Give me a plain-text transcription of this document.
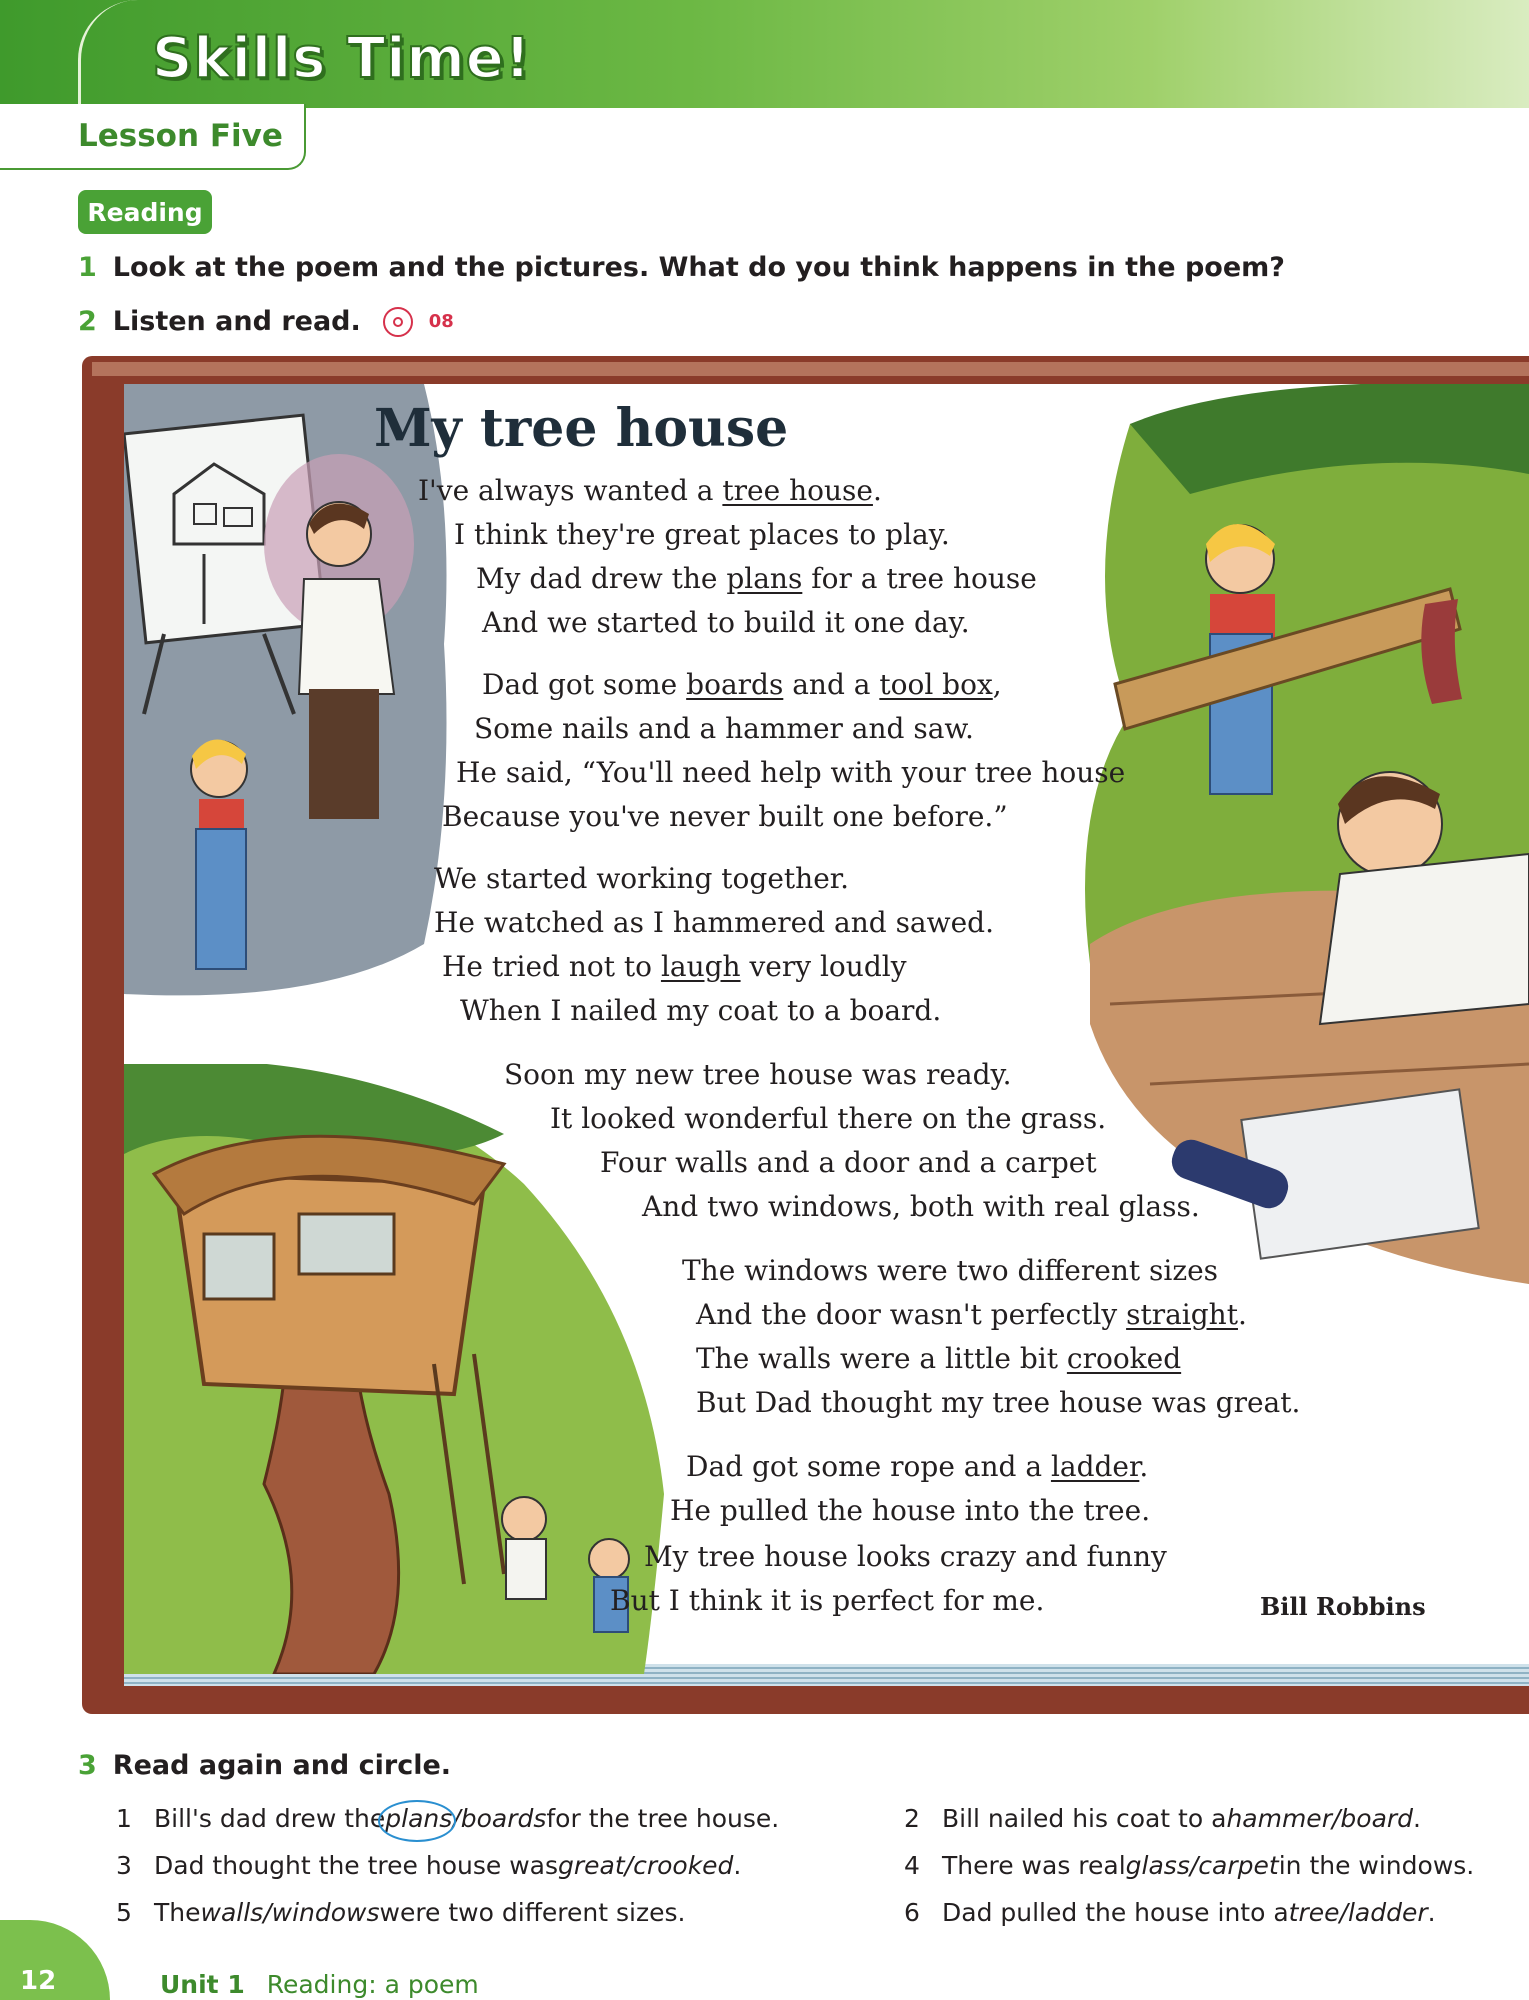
Skills Time!
Lesson Five
Reading
1 Look at the poem and the pictures. What do you think happens in the poem?
2 Listen and read.	08
My tree house
I've always wanted a tree house.
I think they're great places to play.
My dad drew the plans for a tree house
And we started to build it one day.
Dad got some boards and a tool box,
Some nails and a hammer and saw.
He said, “You'll need help with your tree house
Because you've never built one before.”
We started working together.
He watched as I hammered and sawed.
He tried not to laugh very loudly
When I nailed my coat to a board.
Soon my new tree house was ready.
It looked wonderful there on the grass.
Four walls and a door and a carpet
And two windows, both with real glass.
The windows were two different sizes
And the door wasn't perfectly straight.
The walls were a little bit crooked
But Dad thought my tree house was great.
Dad got some rope and a ladder.
He pulled the house into the tree.
My tree house looks crazy and funny
But I think it is perfect for me.	Bill Robbins
3 Read again and circle.
1 Bill's dad drew the plans / boards for the tree house.	2 Bill nailed his coat to a hammer / board .
3 Dad thought the tree house was great / crooked .	4 There was real glass / carpet in the windows.
5 The walls / windows were two different sizes.	6 Dad pulled the house into a tree / ladder .
12	Unit 1 Reading: a poem
